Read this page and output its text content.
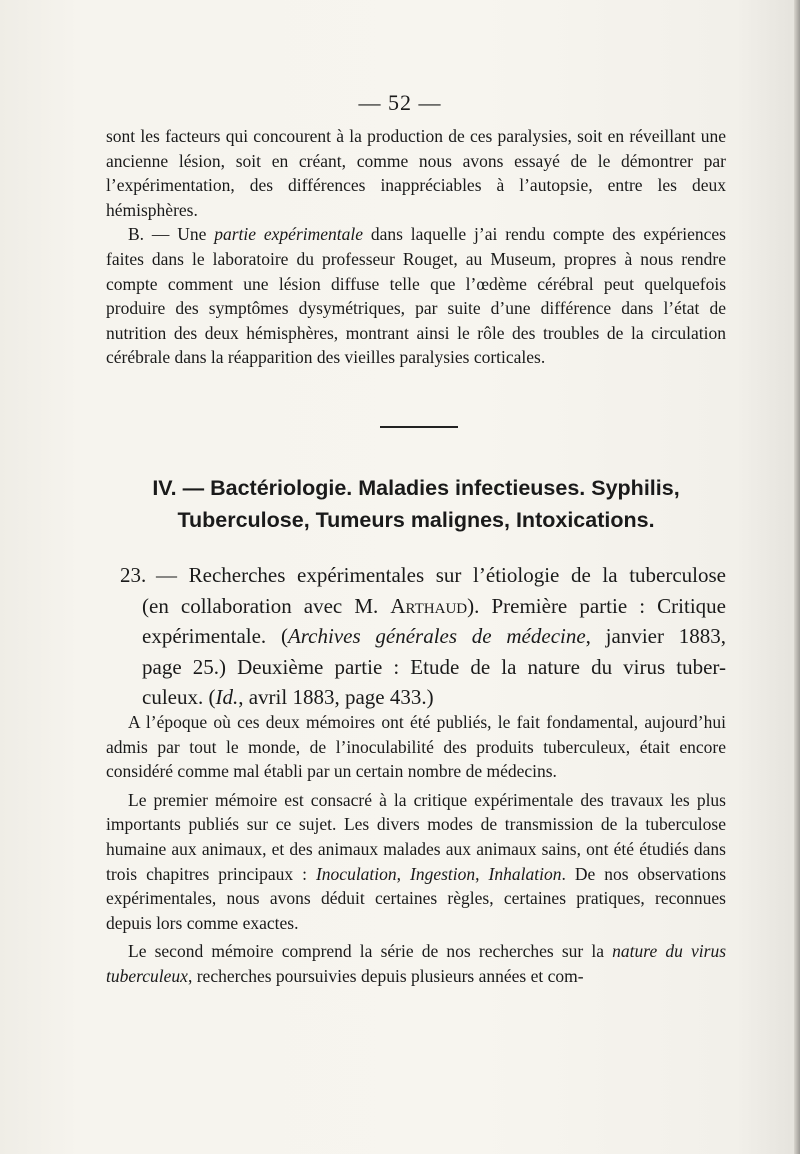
— 52 —

sont les facteurs qui concourent à la production de ces paralysies, soit en réveillant une ancienne lésion, soit en créant, comme nous avons essayé de le démontrer par l’expérimentation, des différences inappréciables à l’autopsie, entre les deux hémisphères.

B. — Une partie expérimentale dans laquelle j’ai rendu compte des expériences faites dans le laboratoire du professeur Rouget, au Museum, propres à nous rendre compte comment une lésion diffuse telle que l’œdème cérébral peut quelquefois produire des symptômes dysymétriques, par suite d’une différence dans l’état de nutrition des deux hémisphères, montrant ainsi le rôle des troubles de la circulation cérébrale dans la réapparition des vieilles paralysies corticales.

IV. — Bactériologie. Maladies infectieuses. Syphilis,
Tuberculose, Tumeurs malignes, Intoxications.
23. — Recherches expérimentales sur l’étiologie de la tuberculose
(en collaboration avec M. Arthaud). Première partie : Critique
expérimentale. (Archives générales de médecine, janvier 1883,
page 25.) Deuxième partie : Etude de la nature du virus tuber-
culeux. (Id., avril 1883, page 433.)

A l’époque où ces deux mémoires ont été publiés, le fait fondamental, aujourd’hui admis par tout le monde, de l’inoculabilité des produits tuberculeux, était encore considéré comme mal établi par un certain nombre de médecins.

Le premier mémoire est consacré à la critique expérimentale des travaux les plus importants publiés sur ce sujet. Les divers modes de transmission de la tuberculose humaine aux animaux, et des animaux malades aux animaux sains, ont été étudiés dans trois chapitres principaux : Inoculation, Ingestion, Inhalation. De nos observations expérimentales, nous avons déduit certaines règles, certaines pratiques, reconnues depuis lors comme exactes.

Le second mémoire comprend la série de nos recherches sur la nature du virus tuberculeux, recherches poursuivies depuis plusieurs années et com-
